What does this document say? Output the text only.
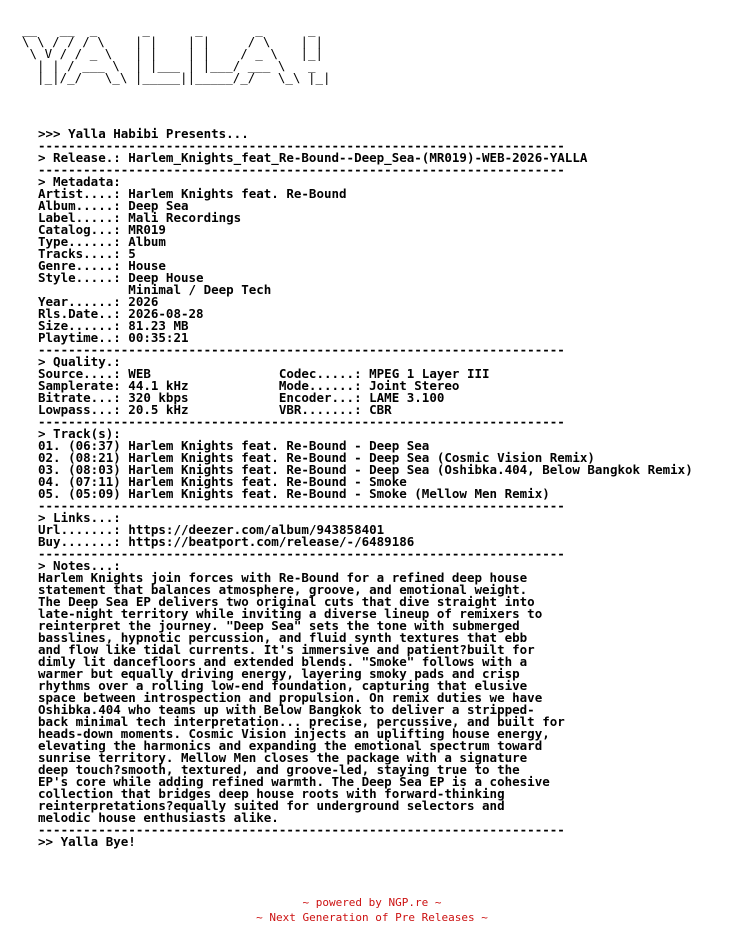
__   __  _      _      _       _      _
\ \ / / / \    | |    | |     / \    | |
\ V / / _ \   | |    | |    / _ \   |_|
| | / ___ \  | |___ | |___/ ___ \   _
|_|/_/   \_\ |_____||_____/_/   \_\ |_|
>>> Yalla Habibi Presents...
----------------------------------------------------------------------
> Release.: Harlem_Knights_feat_Re-Bound--Deep_Sea-(MR019)-WEB-2026-YALLA
----------------------------------------------------------------------
> Metadata:
Artist....: Harlem Knights feat. Re-Bound
Album.....: Deep Sea
Label.....: Mali Recordings
Catalog...: MR019
Type......: Album
Tracks....: 5
Genre.....: House
Style.....: Deep House
Minimal / Deep Tech
Year......: 2026
Rls.Date..: 2026-08-28
Size......: 81.23 MB
Playtime..: 00:35:21
----------------------------------------------------------------------
> Quality.:
Source....: WEB                 Codec.....: MPEG 1 Layer III
Samplerate: 44.1 kHz            Mode......: Joint Stereo
Bitrate...: 320 kbps            Encoder...: LAME 3.100
Lowpass...: 20.5 kHz            VBR.......: CBR
----------------------------------------------------------------------
> Track(s):
01. (06:37) Harlem Knights feat. Re-Bound - Deep Sea
02. (08:21) Harlem Knights feat. Re-Bound - Deep Sea (Cosmic Vision Remix)
03. (08:03) Harlem Knights feat. Re-Bound - Deep Sea (Oshibka.404, Below Bangkok Remix)
04. (07:11) Harlem Knights feat. Re-Bound - Smoke
05. (05:09) Harlem Knights feat. Re-Bound - Smoke (Mellow Men Remix)
----------------------------------------------------------------------
> Links...:
Url.......: https://deezer.com/album/943858401
Buy.......: https://beatport.com/release/-/6489186
----------------------------------------------------------------------
> Notes...:
Harlem Knights join forces with Re-Bound for a refined deep house
statement that balances atmosphere, groove, and emotional weight.
The Deep Sea EP delivers two original cuts that dive straight into
late-night territory while inviting a diverse lineup of remixers to
reinterpret the journey. "Deep Sea" sets the tone with submerged
basslines, hypnotic percussion, and fluid synth textures that ebb
and flow like tidal currents. It's immersive and patient?built for
dimly lit dancefloors and extended blends. "Smoke" follows with a
warmer but equally driving energy, layering smoky pads and crisp
rhythms over a rolling low-end foundation, capturing that elusive
space between introspection and propulsion. On remix duties we have
Oshibka.404 who teams up with Below Bangkok to deliver a stripped-
back minimal tech interpretation... precise, percussive, and built for
heads-down moments. Cosmic Vision injects an uplifting house energy,
elevating the harmonics and expanding the emotional spectrum toward
sunrise territory. Mellow Men closes the package with a signature
deep touch?smooth, textured, and groove-led, staying true to the
EP's core while adding refined warmth. The Deep Sea EP is a cohesive
collection that bridges deep house roots with forward-thinking
reinterpretations?equally suited for underground selectors and
melodic house enthusiasts alike.
----------------------------------------------------------------------
>> Yalla Bye!
~ powered by NGP.re ~
~ Next Generation of Pre Releases ~
